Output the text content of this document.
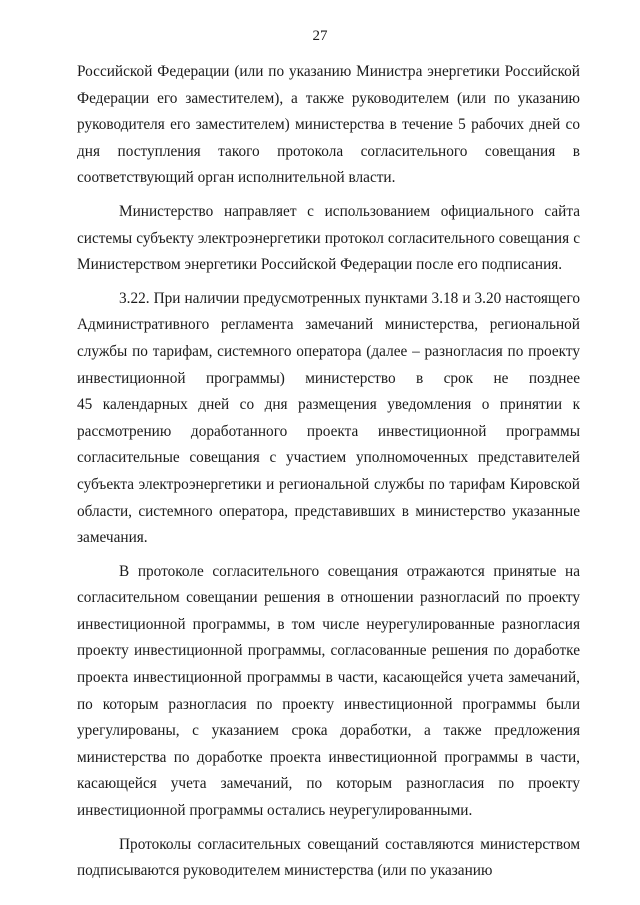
27
Российской Федерации (или по указанию Министра энергетики Российской
Федерации его заместителем), а также руководителем (или по указанию
руководителя его заместителем) министерства в течение 5 рабочих дней со
дня поступления такого протокола согласительного совещания в
соответствующий орган исполнительной власти.
Министерство направляет с использованием официального сайта
системы субъекту электроэнергетики протокол согласительного совещания с
Министерством энергетики Российской Федерации после его подписания.
3.22. При наличии предусмотренных пунктами 3.18 и 3.20 настоящего
Административного регламента замечаний министерства, региональной
службы по тарифам, системного оператора (далее – разногласия по проекту
инвестиционной программы) министерство в срок не позднее
45 календарных дней со дня размещения уведомления о принятии к
рассмотрению доработанного проекта инвестиционной программы
согласительные совещания с участием уполномоченных представителей
субъекта электроэнергетики и региональной службы по тарифам Кировской
области, системного оператора, представивших в министерство указанные
замечания.
В протоколе согласительного совещания отражаются принятые на
согласительном совещании решения в отношении разногласий по проекту
инвестиционной программы, в том числе неурегулированные разногласия
проекту инвестиционной программы, согласованные решения по доработке
проекта инвестиционной программы в части, касающейся учета замечаний,
по которым разногласия по проекту инвестиционной программы были
урегулированы, с указанием срока доработки, а также предложения
министерства по доработке проекта инвестиционной программы в части,
касающейся учета замечаний, по которым разногласия по проекту
инвестиционной программы остались неурегулированными.
Протоколы согласительных совещаний составляются министерством
подписываются руководителем министерства (или по указанию
